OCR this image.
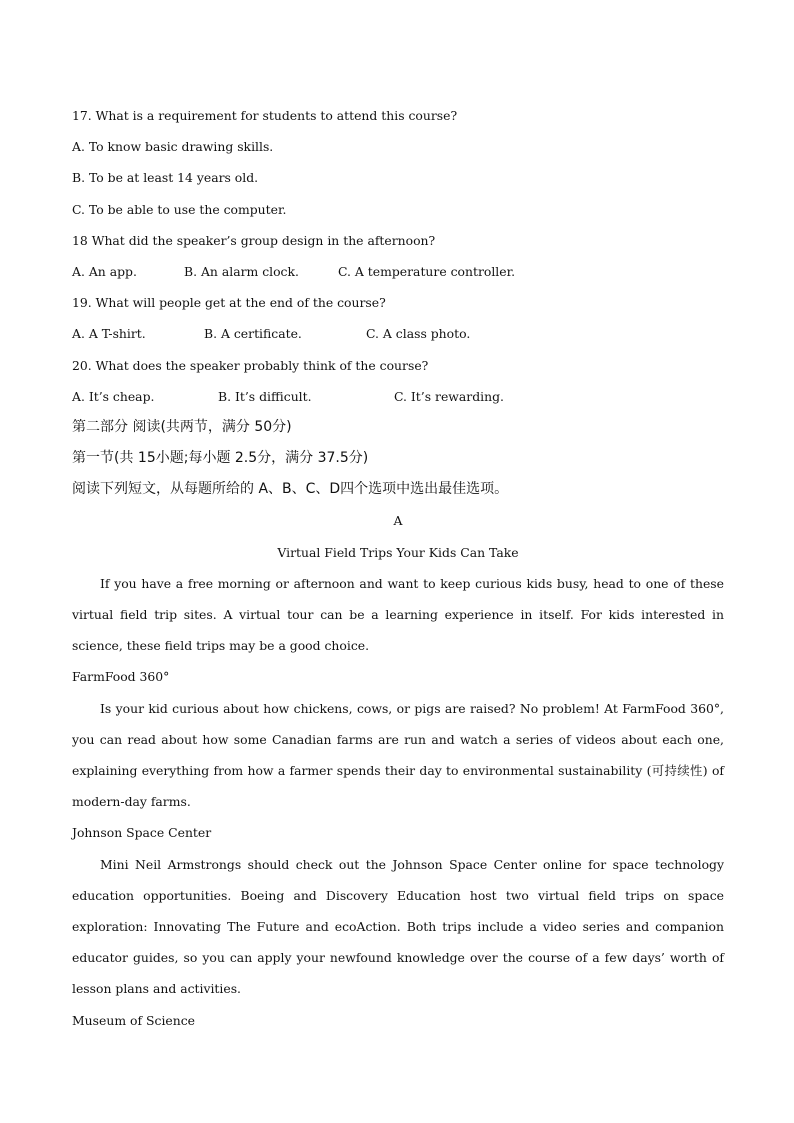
17. What is a requirement for students to attend this course?
A. To know basic drawing skills.
B. To be at least 14 years old.
C. To be able to use the computer.
18 What did the speaker’s group design in the afternoon?
A. An app.	B. An alarm clock.	C. A temperature controller.
19. What will people get at the end of the course?
A. A T-shirt.	B. A certificate.	C. A class photo.
20. What does the speaker probably think of the course?
A. It’s cheap.	B. It’s difficult.	C. It’s rewarding.
第二部分 阅读(共两节，满分 50分)
第一节(共 15小题;每小题 2.5分，满分 37.5分)
阅读下列短文，从每题所给的 A、B、C、D四个选项中选出最佳选项。
A
Virtual Field Trips Your Kids Can Take

If you have a free morning or afternoon and want to keep curious kids busy, head to one of these virtual field trip sites. A virtual tour can be a learning experience in itself. For kids interested in science, these field trips may be a good choice.

FarmFood 360°

Is your kid curious about how chickens, cows, or pigs are raised? No problem! At FarmFood 360°, you can read about how some Canadian farms are run and watch a series of videos about each one, explaining everything from how a farmer spends their day to environmental sustainability (可持续性) of modern-day farms.

Johnson Space Center

Mini Neil Armstrongs should check out the Johnson Space Center online for space technology education opportunities. Boeing and Discovery Education host two virtual field trips on space exploration: Innovating The Future and ecoAction. Both trips include a video series and companion educator guides, so you can apply your newfound knowledge over the course of a few days’ worth of lesson plans and activities.

Museum of Science
